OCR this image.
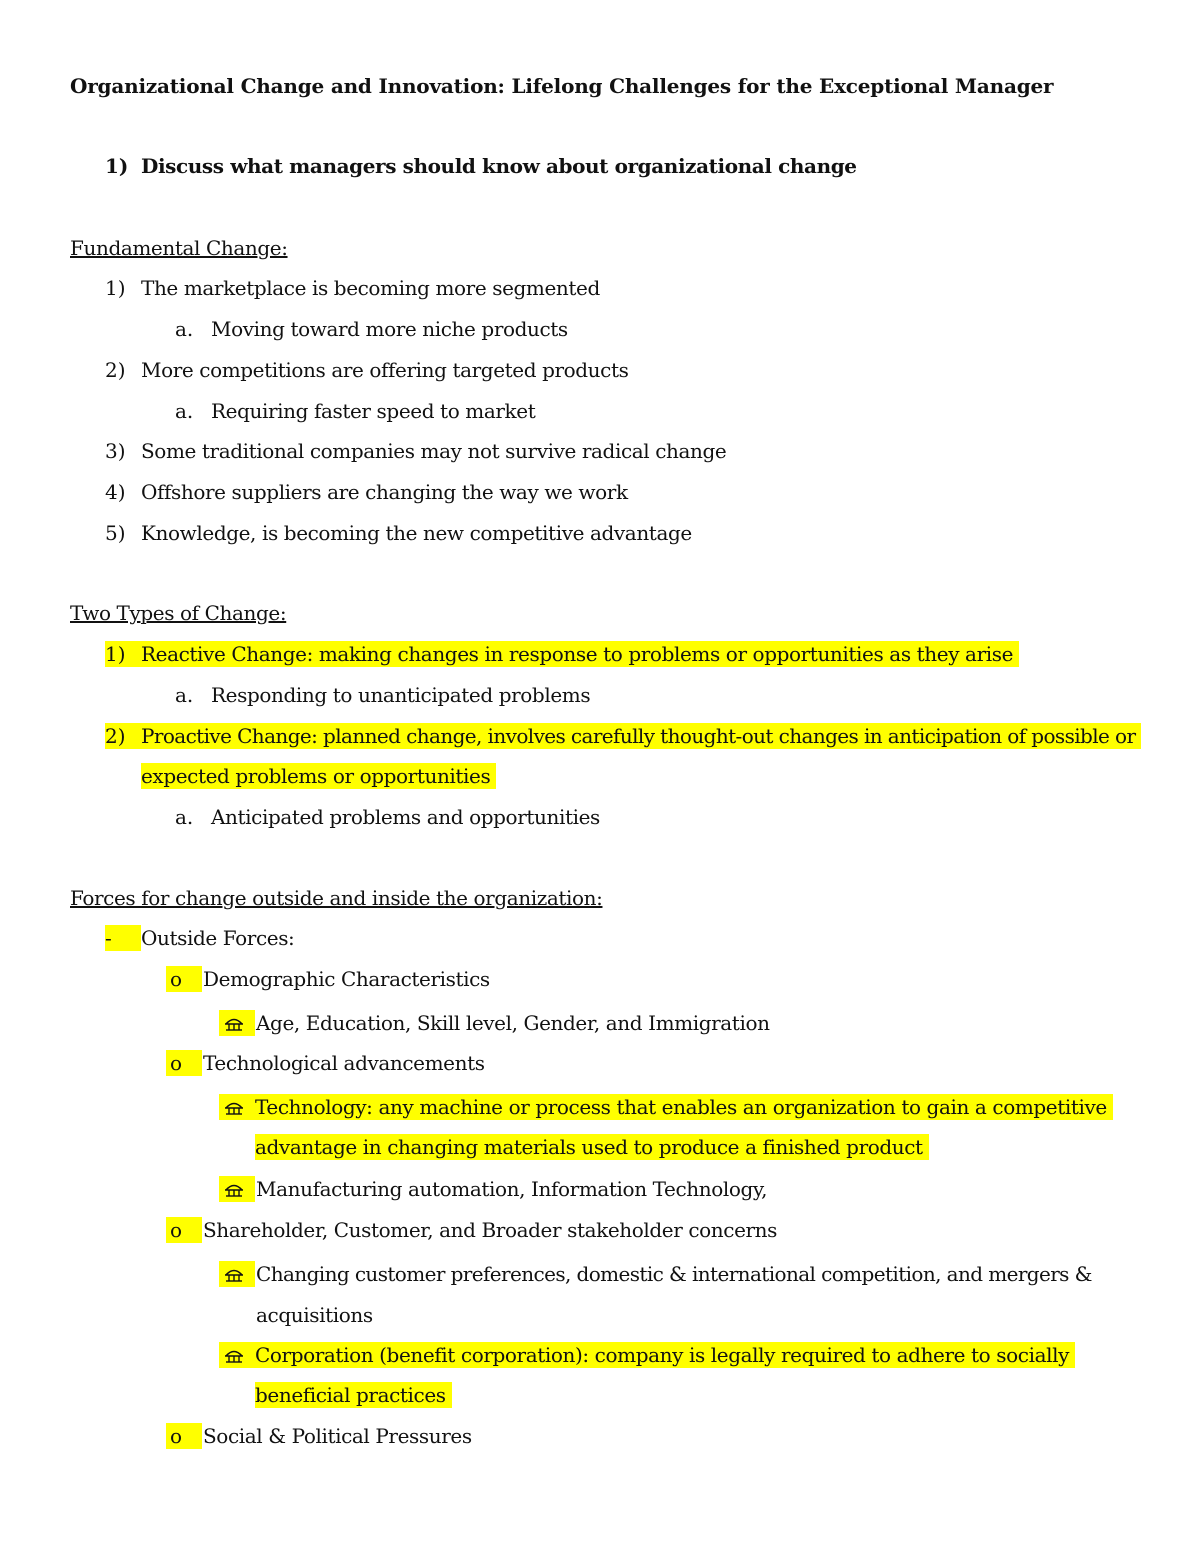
Organizational Change and Innovation: Lifelong Challenges for the Exceptional Manager
1) Discuss what managers should know about organizational change
Fundamental Change:
1) The marketplace is becoming more segmented
a. Moving toward more niche products
2) More competitions are offering targeted products
a. Requiring faster speed to market
3) Some traditional companies may not survive radical change
4) Offshore suppliers are changing the way we work
5) Knowledge, is becoming the new competitive advantage
Two Types of Change:
1) Reactive Change: making changes in response to problems or opportunities as they arise
a. Responding to unanticipated problems
2) Proactive Change: planned change, involves carefully thought-out changes in anticipation of possible or
expected problems or opportunities
a. Anticipated problems and opportunities
Forces for change outside and inside the organization:
-	Outside Forces:
o	Demographic Characteristics
Age, Education, Skill level, Gender, and Immigration
o	Technological advancements
Technology: any machine or process that enables an organization to gain a competitive
advantage in changing materials used to produce a finished product
Manufacturing automation, Information Technology,
o	Shareholder, Customer, and Broader stakeholder concerns
Changing customer preferences, domestic & international competition, and mergers &
acquisitions
Corporation (benefit corporation): company is legally required to adhere to socially
beneficial practices
o	Social & Political Pressures
